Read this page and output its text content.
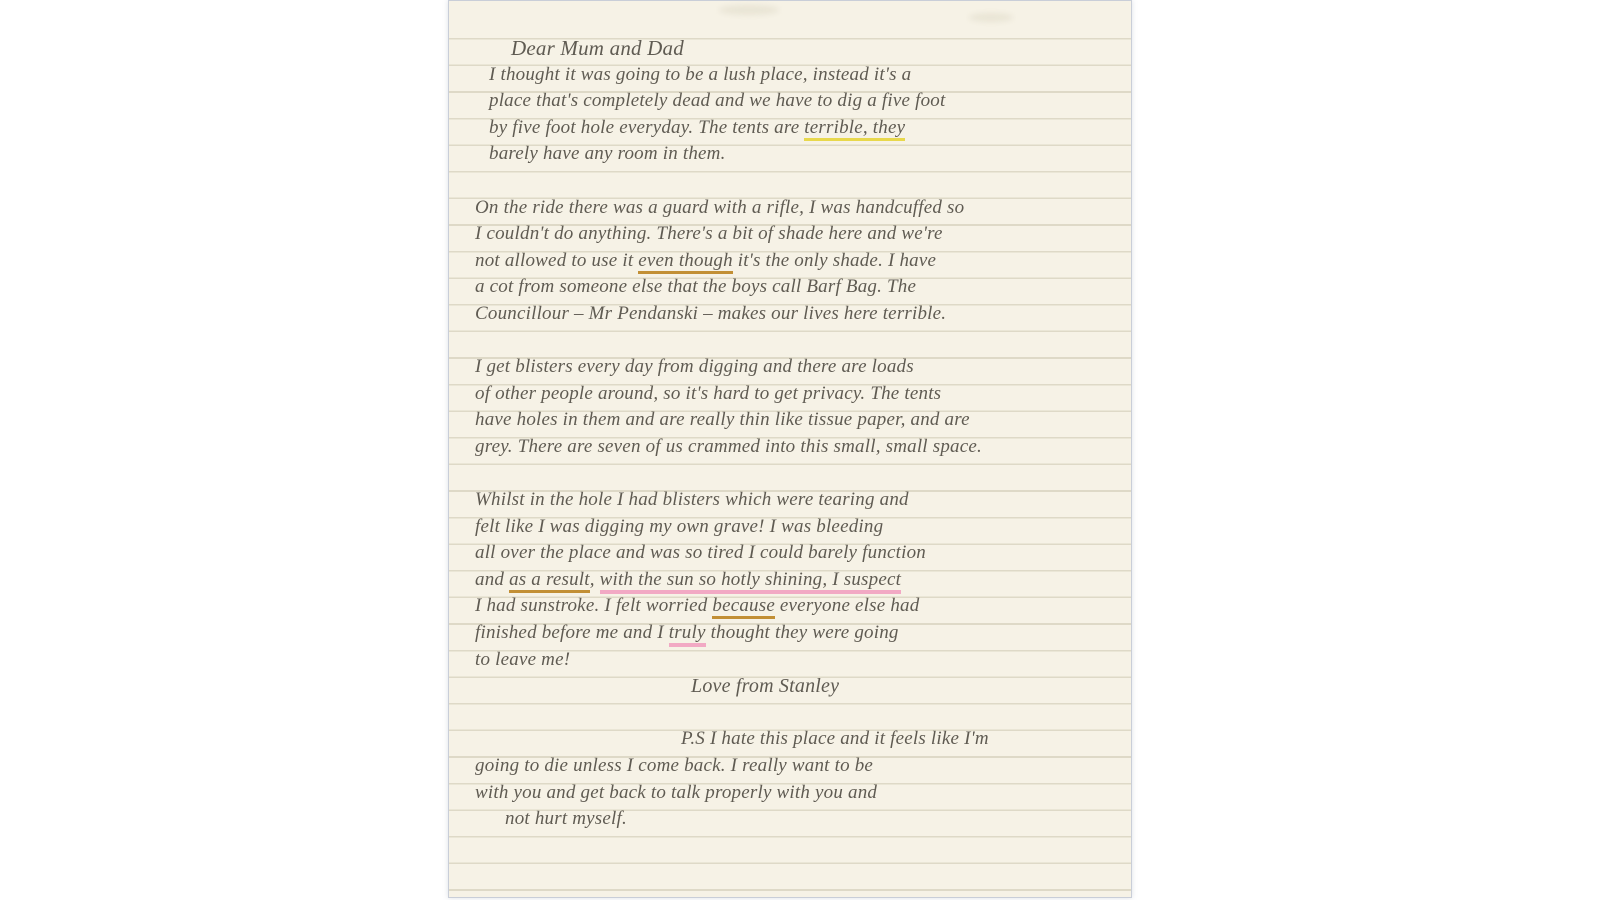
Dear Mum and Dad
I thought it was going to be a lush place, instead it's a
place that's completely dead and we have to dig a five foot
by five foot hole everyday. The tents are terrible, they
barely have any room in them.
On the ride there was a guard with a rifle, I was handcuffed so
I couldn't do anything. There's a bit of shade here and we're
not allowed to use it even though it's the only shade. I have
a cot from someone else that the boys call Barf Bag. The
Councillour – Mr Pendanski – makes our lives here terrible.
I get blisters every day from digging and there are loads
of other people around, so it's hard to get privacy. The tents
have holes in them and are really thin like tissue paper, and are
grey. There are seven of us crammed into this small, small space.
Whilst in the hole I had blisters which were tearing and
felt like I was digging my own grave! I was bleeding
all over the place and was so tired I could barely function
and as a result, with the sun so hotly shining, I suspect
I had sunstroke. I felt worried because everyone else had
finished before me and I truly thought they were going
to leave me!
Love from Stanley
P.S I hate this place and it feels like I'm
going to die unless I come back. I really want to be
with you and get back to talk properly with you and
not hurt myself.
